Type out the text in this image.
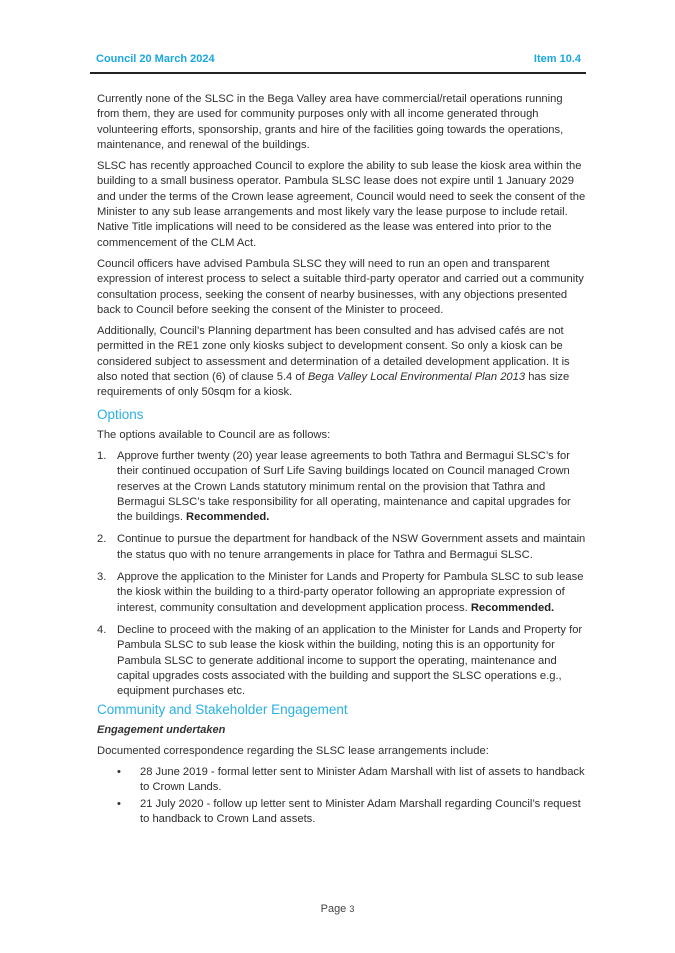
Council 20 March 2024	Item 10.4

Currently none of the SLSC in the Bega Valley area have commercial/retail operations running from them, they are used for community purposes only with all income generated through volunteering efforts, sponsorship, grants and hire of the facilities going towards the operations, maintenance, and renewal of the buildings.

SLSC has recently approached Council to explore the ability to sub lease the kiosk area within the building to a small business operator. Pambula SLSC lease does not expire until 1 January 2029 and under the terms of the Crown lease agreement, Council would need to seek the consent of the Minister to any sub lease arrangements and most likely vary the lease purpose to include retail. Native Title implications will need to be considered as the lease was entered into prior to the commencement of the CLM Act.

Council officers have advised Pambula SLSC they will need to run an open and transparent expression of interest process to select a suitable third-party operator and carried out a community consultation process, seeking the consent of nearby businesses, with any objections presented back to Council before seeking the consent of the Minister to proceed.

Additionally, Council’s Planning department has been consulted and has advised cafés are not permitted in the RE1 zone only kiosks subject to development consent. So only a kiosk can be considered subject to assessment and determination of a detailed development application. It is also noted that section (6) of clause 5.4 of Bega Valley Local Environmental Plan 2013 has size requirements of only 50sqm for a kiosk.

Options

The options available to Council are as follows:

1. Approve further twenty (20) year lease agreements to both Tathra and Bermagui SLSC’s for their continued occupation of Surf Life Saving buildings located on Council managed Crown reserves at the Crown Lands statutory minimum rental on the provision that Tathra and Bermagui SLSC’s take responsibility for all operating, maintenance and capital upgrades for the buildings. Recommended.
2. Continue to pursue the department for handback of the NSW Government assets and maintain the status quo with no tenure arrangements in place for Tathra and Bermagui SLSC.
3. Approve the application to the Minister for Lands and Property for Pambula SLSC to sub lease the kiosk within the building to a third-party operator following an appropriate expression of interest, community consultation and development application process. Recommended.
4. Decline to proceed with the making of an application to the Minister for Lands and Property for Pambula SLSC to sub lease the kiosk within the building, noting this is an opportunity for Pambula SLSC to generate additional income to support the operating, maintenance and capital upgrades costs associated with the building and support the SLSC operations e.g., equipment purchases etc.
Community and Stakeholder Engagement
Engagement undertaken

Documented correspondence regarding the SLSC lease arrangements include:

• 28 June 2019 - formal letter sent to Minister Adam Marshall with list of assets to handback to Crown Lands.
• 21 July 2020 - follow up letter sent to Minister Adam Marshall regarding Council’s request to handback to Crown Land assets.
Page 3
